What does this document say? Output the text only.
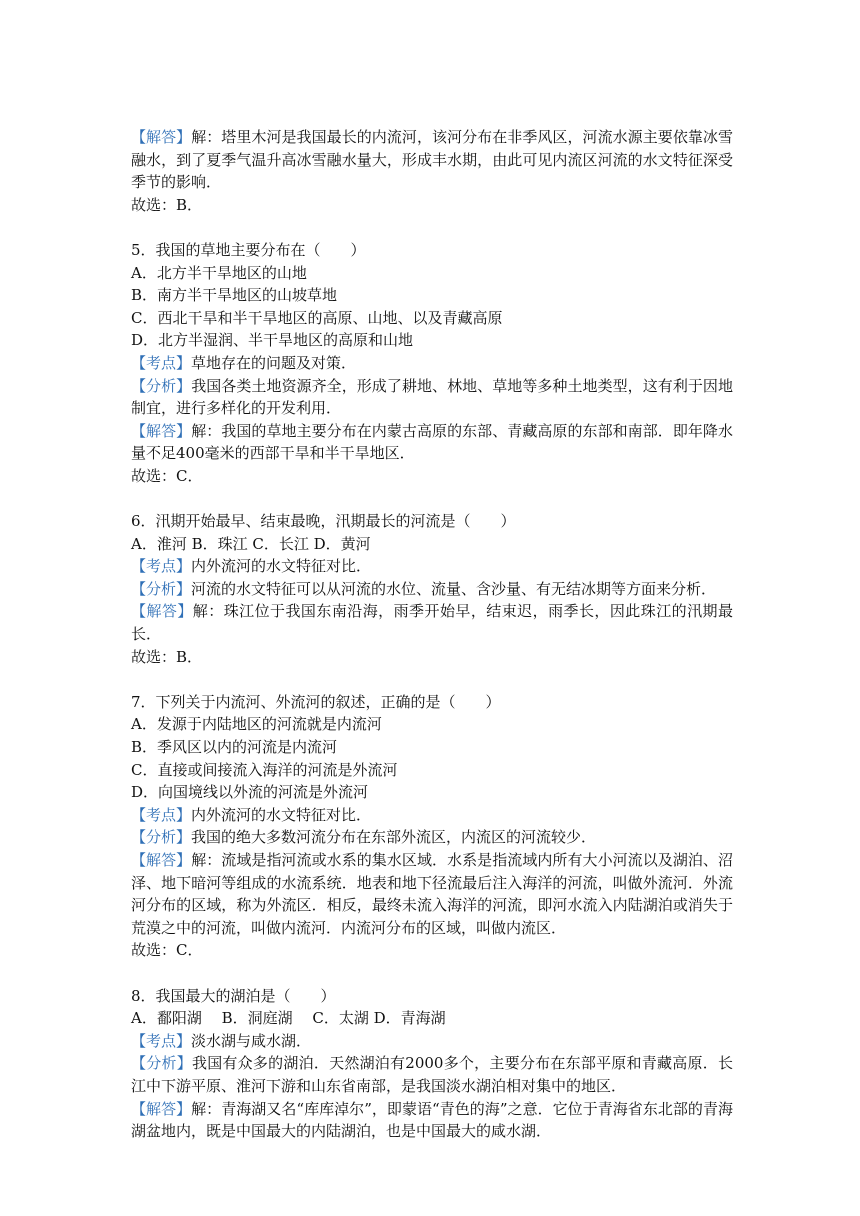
【解答】解：塔里木河是我国最长的内流河，该河分布在非季风区，河流水源主要依靠冰雪融水，到了夏季气温升高冰雪融水量大，形成丰水期，由此可见内流区河流的水文特征深受季节的影响．
故选：B．
5．我国的草地主要分布在（　　）
A．北方半干旱地区的山地
B．南方半干旱地区的山坡草地
C．西北干旱和半干旱地区的高原、山地、以及青藏高原
D．北方半湿润、半干旱地区的高原和山地
【考点】草地存在的问题及对策．
【分析】我国各类土地资源齐全，形成了耕地、林地、草地等多种土地类型，这有利于因地制宜，进行多样化的开发利用．
【解答】解：我国的草地主要分布在内蒙古高原的东部、青藏高原的东部和南部．即年降水量不足400毫米的西部干旱和半干旱地区．
故选：C．
6．汛期开始最早、结束最晚，汛期最长的河流是（　　）
A．淮河 B．珠江 C．长江 D．黄河
【考点】内外流河的水文特征对比．
【分析】河流的水文特征可以从河流的水位、流量、含沙量、有无结冰期等方面来分析．
【解答】解：珠江位于我国东南沿海，雨季开始早，结束迟，雨季长，因此珠江的汛期最长．
故选：B．
7．下列关于内流河、外流河的叙述，正确的是（　　）
A．发源于内陆地区的河流就是内流河
B．季风区以内的河流是内流河
C．直接或间接流入海洋的河流是外流河
D．向国境线以外流的河流是外流河
【考点】内外流河的水文特征对比．
【分析】我国的绝大多数河流分布在东部外流区，内流区的河流较少．
【解答】解：流域是指河流或水系的集水区域．水系是指流域内所有大小河流以及湖泊、沼泽、地下暗河等组成的水流系统．地表和地下径流最后注入海洋的河流，叫做外流河．外流河分布的区域，称为外流区．相反，最终未流入海洋的河流，即河水流入内陆湖泊或消失于荒漠之中的河流，叫做内流河．内流河分布的区域，叫做内流区．
故选：C．
8．我国最大的湖泊是（　　）
A．鄱阳湖　 B．洞庭湖　 C．太湖 D．青海湖
【考点】淡水湖与咸水湖．
【分析】我国有众多的湖泊．天然湖泊有2000多个，主要分布在东部平原和青藏高原．长江中下游平原、淮河下游和山东省南部，是我国淡水湖泊相对集中的地区．
【解答】解：青海湖又名“库库淖尔”，即蒙语“青色的海”之意．它位于青海省东北部的青海湖盆地内，既是中国最大的内陆湖泊，也是中国最大的咸水湖．
